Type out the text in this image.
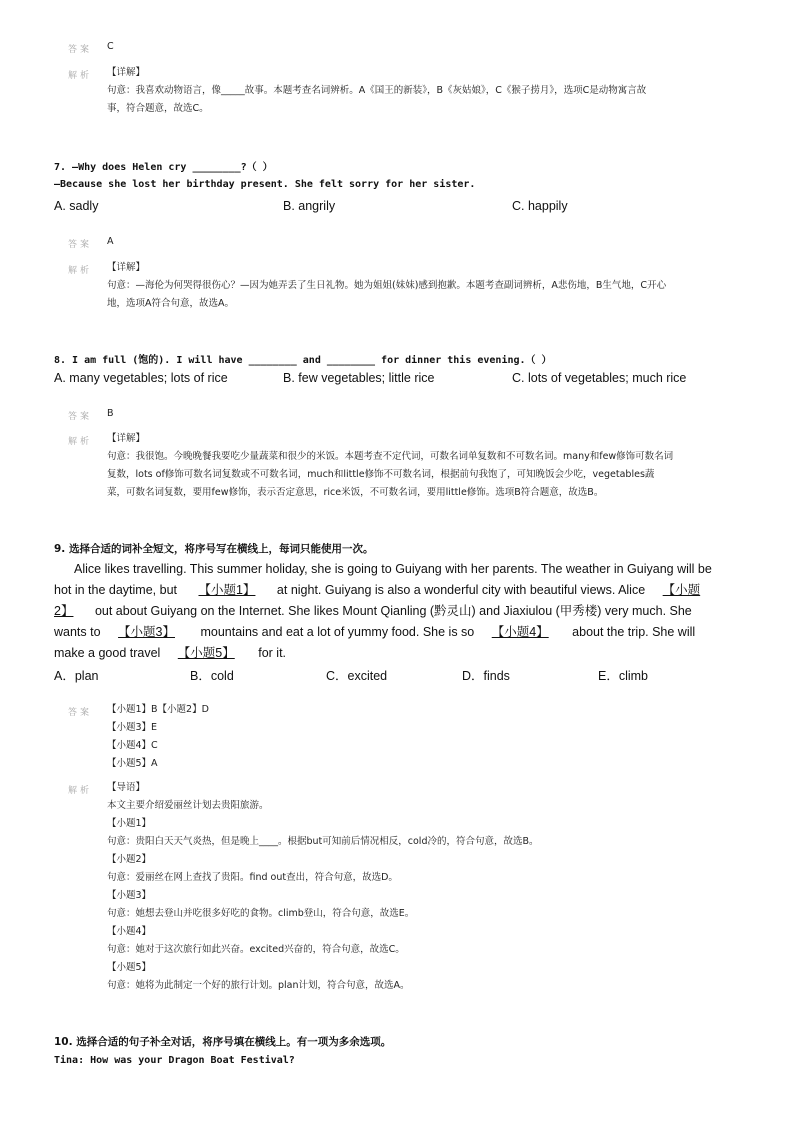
答案 C
解析 【详解】
句意：我喜欢动物语言，像_____故事。本题考查名词辨析。A《国王的新装》，B《灰姑娘》，C《猴子捞月》，选项C是动物寓言故
事，符合题意，故选C。
7. —Why does Helen cry ________?（ ）
—Because she lost her birthday present. She felt sorry for her sister.
A. sadly	B. angrily	C. happily
答案 A
解析 【详解】
句意：—海伦为何哭得很伤心？—因为她弄丢了生日礼物。她为姐姐(妹妹)感到抱歉。本题考查副词辨析，A悲伤地，B生气地，C开心
地，选项A符合句意，故选A。
8. I am full (饱的). I will have ________ and ________ for dinner this evening.（ ）
A. many vegetables; lots of rice	B. few vegetables; little rice	C. lots of vegetables; much rice
答案 B
解析 【详解】
句意：我很饱。今晚晚餐我要吃少量蔬菜和很少的米饭。本题考查不定代词，可数名词单复数和不可数名词。many和few修饰可数名词
复数，lots of修饰可数名词复数或不可数名词，much和little修饰不可数名词，根据前句我饱了，可知晚饭会少吃，vegetables蔬
菜，可数名词复数，要用few修饰，表示否定意思，rice米饭，不可数名词，要用little修饰。选项B符合题意，故选B。
9. 选择合适的词补全短文，将序号写在横线上，每词只能使用一次。
Alice likes travelling. This summer holiday, she is going to Guiyang with her parents. The weather in Guiyang will be
hot in the daytime, but 【小题1】 at night. Guiyang is also a wonderful city with beautiful views. Alice 【小题
2】 out about Guiyang on the Internet. She likes Mount Qianling (黔灵山) and Jiaxiulou (甲秀楼) very much. She
wants to 【小题3】 mountains and eat a lot of yummy food. She is so 【小题4】 about the trip. She will
make a good travel 【小题5】 for it.
A．plan	B．cold	C．excited	D．finds	E．climb
答案 【小题1】B【小题2】D
【小题3】E
【小题4】C
【小题5】A
解析 【导语】
本文主要介绍爱丽丝计划去贵阳旅游。
【小题1】
句意：贵阳白天天气炎热，但是晚上____。根据but可知前后情况相反，cold冷的，符合句意，故选B。
【小题2】
句意：爱丽丝在网上查找了贵阳。find out查出，符合句意，故选D。
【小题3】
句意：她想去登山并吃很多好吃的食物。climb登山，符合句意，故选E。
【小题4】
句意：她对于这次旅行如此兴奋。excited兴奋的，符合句意，故选C。
【小题5】
句意：她将为此制定一个好的旅行计划。plan计划，符合句意，故选A。
10. 选择合适的句子补全对话，将序号填在横线上。有一项为多余选项。
Tina: How was your Dragon Boat Festival?
